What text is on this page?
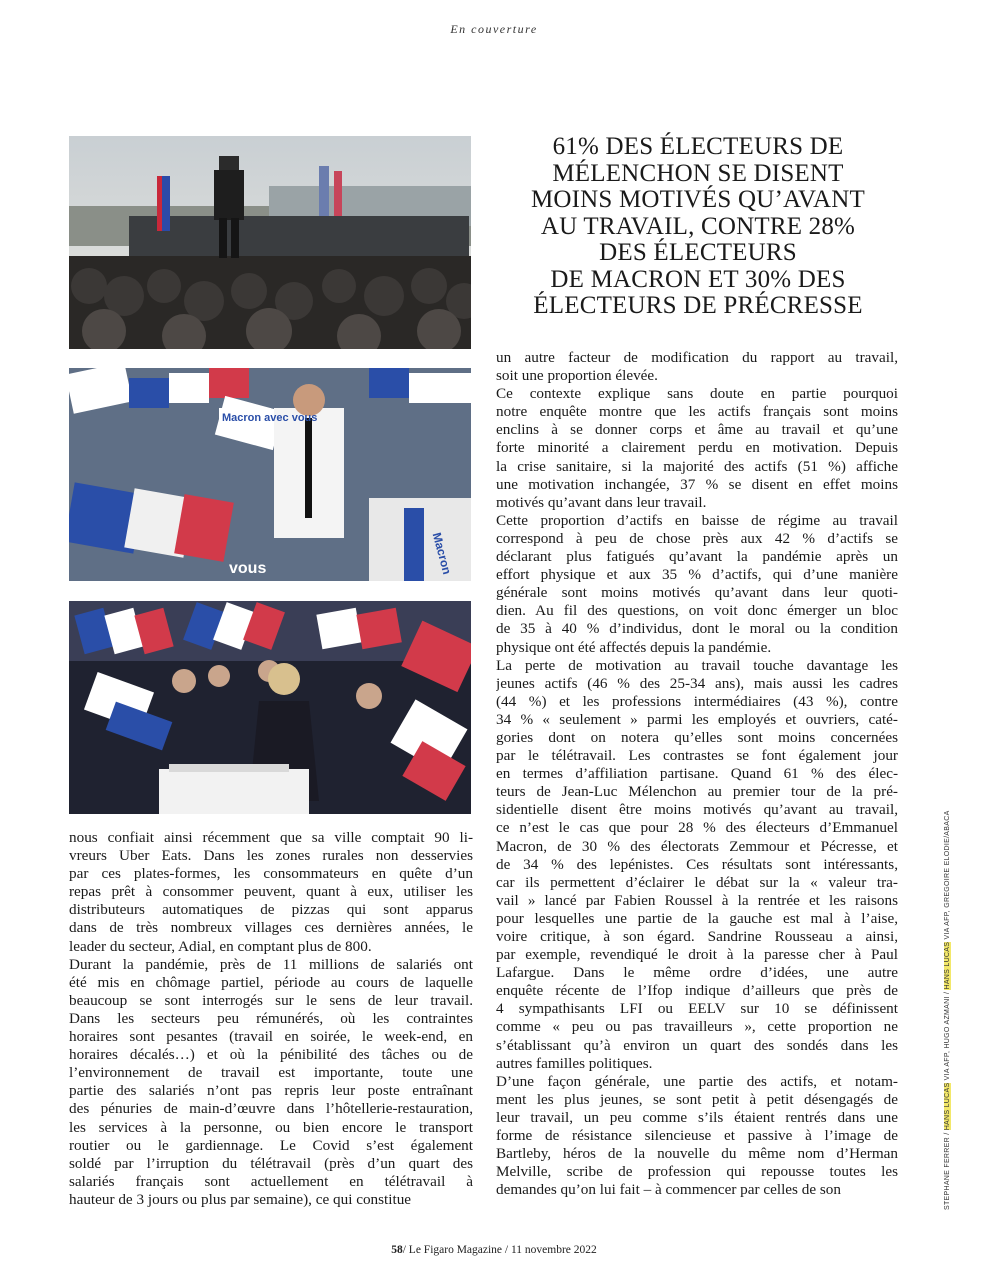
En couverture
Macron avec vous
vous	Macron
61% DES ÉLECTEURS DE
MÉLENCHON SE DISENT
MOINS MOTIVÉS QU’AVANT
AU TRAVAIL, CONTRE 28%
DES ÉLECTEURS
DE MACRON ET 30% DES
ÉLECTEURS DE PRÉCRESSE
nous confiait ainsi récemment que sa ville comptait 90 li-
vreurs Uber Eats. Dans les zones rurales non desservies
par ces plates-formes, les consommateurs en quête d’un
repas prêt à consommer peuvent, quant à eux, utiliser les
distributeurs automatiques de pizzas qui sont apparus
dans de très nombreux villages ces dernières années, le
leader du secteur, Adial, en comptant plus de 800.
Durant la pandémie, près de 11 millions de salariés ont
été mis en chômage partiel, période au cours de laquelle
beaucoup se sont interrogés sur le sens de leur travail.
Dans les secteurs peu rémunérés, où les contraintes
horaires sont pesantes (travail en soirée, le week-end, en
horaires décalés…) et où la pénibilité des tâches ou de
l’environnement de travail est importante, toute une
partie des salariés n’ont pas repris leur poste entraînant
des pénuries de main-d’œuvre dans l’hôtellerie-restauration,
les services à la personne, ou bien encore le transport
routier ou le gardiennage. Le Covid s’est également
soldé par l’irruption du télétravail (près d’un quart des
salariés français sont actuellement en télétravail à
hauteur de 3 jours ou plus par semaine), ce qui constitue
un autre facteur de modification du rapport au travail,
soit une proportion élevée.
Ce contexte explique sans doute en partie pourquoi
notre enquête montre que les actifs français sont moins
enclins à se donner corps et âme au travail et qu’une
forte minorité a clairement perdu en motivation. Depuis
la crise sanitaire, si la majorité des actifs (51 %) affiche
une motivation inchangée, 37 % se disent en effet moins
motivés qu’avant dans leur travail.
Cette proportion d’actifs en baisse de régime au travail
correspond à peu de chose près aux 42 % d’actifs se
déclarant plus fatigués qu’avant la pandémie après un
effort physique et aux 35 % d’actifs, qui d’une manière
générale sont moins motivés qu’avant dans leur quoti-
dien. Au fil des questions, on voit donc émerger un bloc
de 35 à 40 % d’individus, dont le moral ou la condition
physique ont été affectés depuis la pandémie.
La perte de motivation au travail touche davantage les
jeunes actifs (46 % des 25-34 ans), mais aussi les cadres
(44 %) et les professions intermédiaires (43 %), contre
34 % « seulement » parmi les employés et ouvriers, caté-
gories dont on notera qu’elles sont moins concernées
par le télétravail. Les contrastes se font également jour
en termes d’affiliation partisane. Quand 61 % des élec-
teurs de Jean-Luc Mélenchon au premier tour de la pré-
sidentielle disent être moins motivés qu’avant au travail,
ce n’est le cas que pour 28 % des électeurs d’Emmanuel
Macron, de 30 % des électorats Zemmour et Pécresse, et
de 34 % des lepénistes. Ces résultats sont intéressants,
car ils permettent d’éclairer le débat sur la « valeur tra-
vail » lancé par Fabien Roussel à la rentrée et les raisons
pour lesquelles une partie de la gauche est mal à l’aise,
voire critique, à son égard. Sandrine Rousseau a ainsi,
par exemple, revendiqué le droit à la paresse cher à Paul
Lafargue. Dans le même ordre d’idées, une autre
enquête récente de l’Ifop indique d’ailleurs que près de
4 sympathisants LFI ou EELV sur 10 se définissent
comme « peu ou pas travailleurs », cette proportion ne
s’établissant qu’à environ un quart des sondés dans les
autres familles politiques.
D’une façon générale, une partie des actifs, et notam-
ment les plus jeunes, se sont petit à petit désengagés de
leur travail, un peu comme s’ils étaient rentrés dans une
forme de résistance silencieuse et passive à l’image de
Bartleby, héros de la nouvelle du même nom d’Herman
Melville, scribe de profession qui repousse toutes les
demandes qu’on lui fait – à commencer par celles de son	STEPHANE FERRER / HANS LUCAS VIA AFP, HUGO AZMANI / HANS LUCAS VIA AFP, GREGOIRE ELODIE/ABACA
58/ Le Figaro Magazine / 11 novembre 2022
